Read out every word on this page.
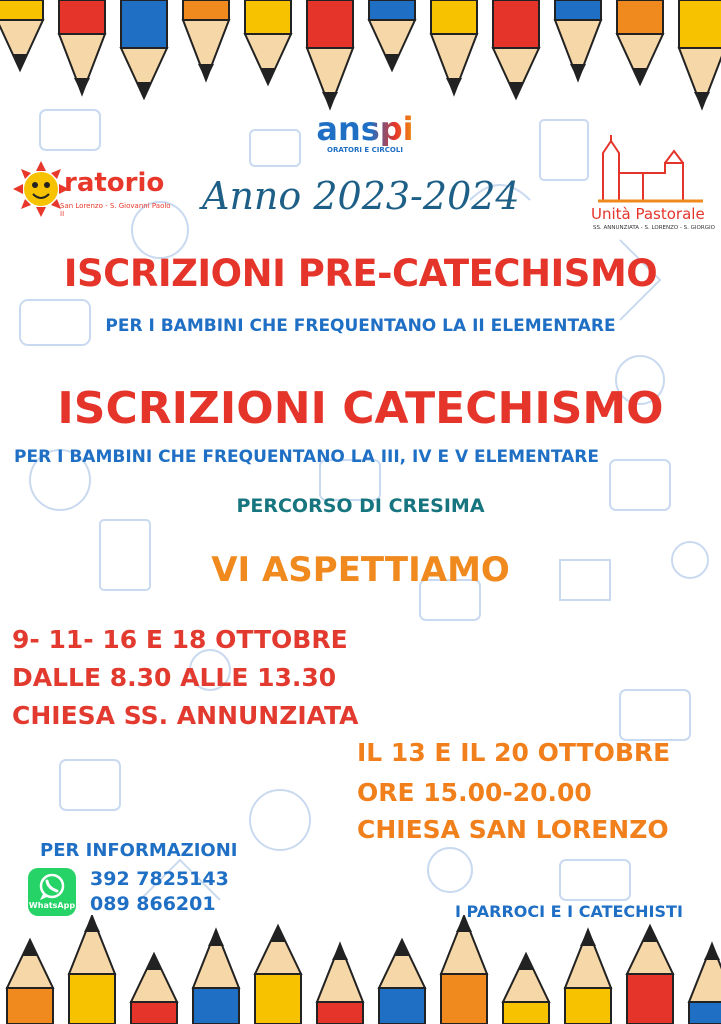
ratorio
San Lorenzo - S. Giovanni Paolo II
anspi
ORATORI E CIRCOLI
Anno 2023-2024	Unità Pastorale
SS. ANNUNZIATA - S. LORENZO - S. GIORGIO
ISCRIZIONI PRE-CATECHISMO
PER I BAMBINI CHE FREQUENTANO LA II ELEMENTARE
ISCRIZIONI CATECHISMO
PER I BAMBINI CHE FREQUENTANO LA III, IV E V ELEMENTARE
PERCORSO DI CRESIMA
VI ASPETTIAMO
9- 11- 16 E 18 OTTOBRE
DALLE 8.30 ALLE 13.30
CHIESA SS. ANNUNZIATA
IL 13 E IL 20 OTTOBRE
ORE 15.00-20.00
CHIESA SAN LORENZO
PER INFORMAZIONI
WhatsApp
392 7825143
089 866201	I PARROCI E I CATECHISTI
